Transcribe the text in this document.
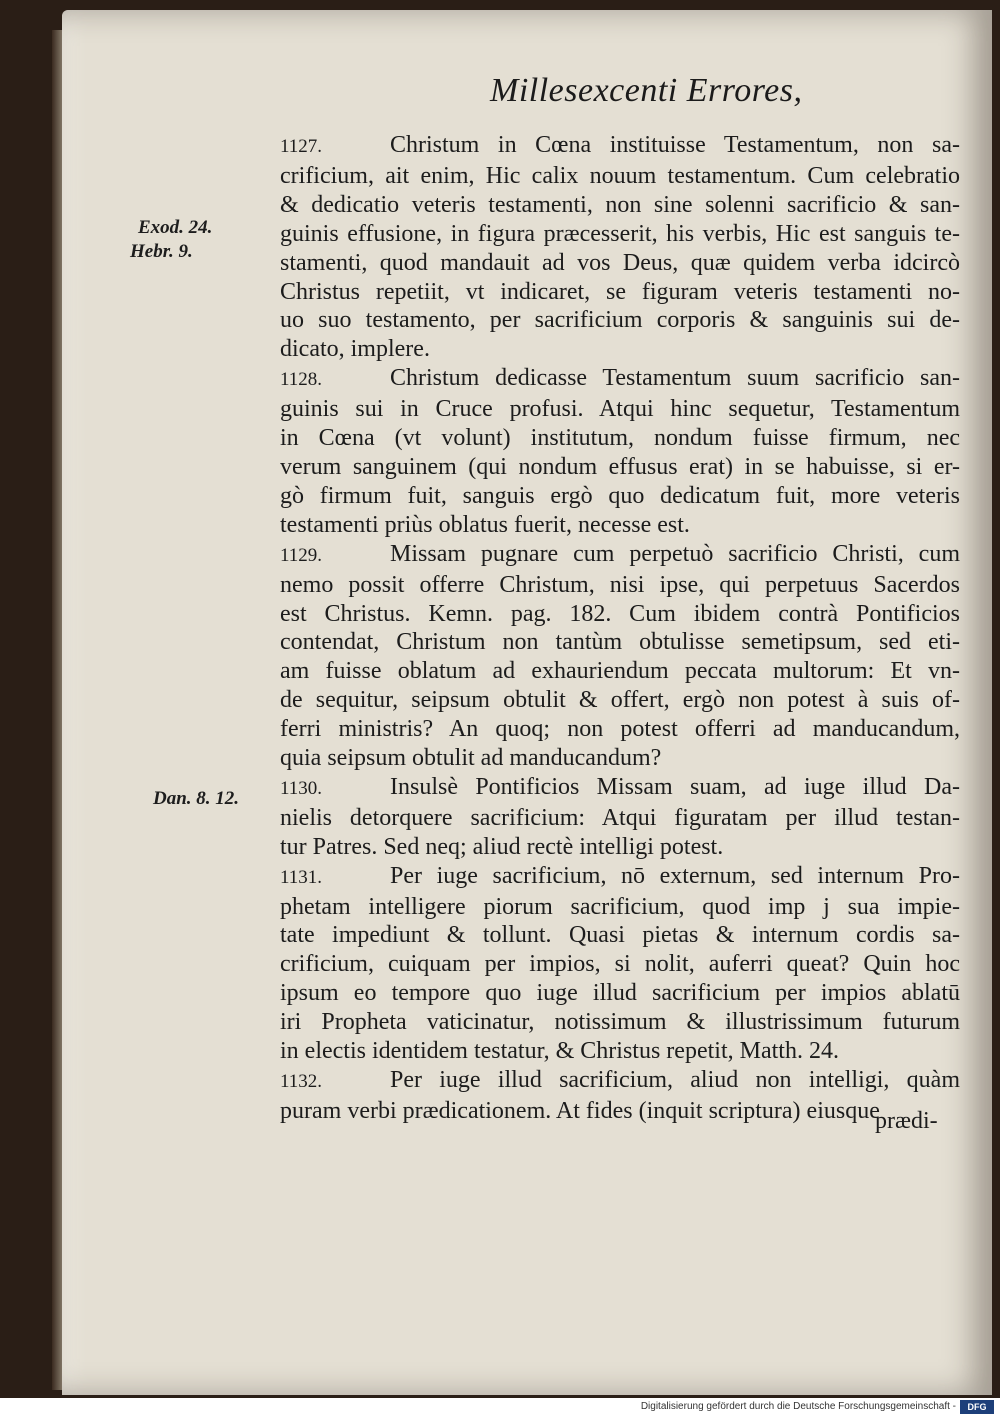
Millesexcenti Errores,
Exod. 24.
Hebr. 9.
Dan. 8. 12.
1127.	Christum in Cœna instituisse Testamentum, non sa-
crificium, ait enim, Hic calix nouum testamentum. Cum celebratio
& dedicatio veteris testamenti, non sine solenni sacrificio & san-
guinis effusione, in figura præcesserit, his verbis, Hic est sanguis te-
stamenti, quod mandauit ad vos Deus, quæ quidem verba idcircò
Christus repetiit, vt indicaret, se figuram veteris testamenti no-
uo suo testamento, per sacrificium corporis & sanguinis sui de-
dicato, implere.
1128.	Christum dedicasse Testamentum suum sacrificio san-
guinis sui in Cruce profusi. Atqui hinc sequetur, Testamentum
in Cœna (vt volunt) institutum, nondum fuisse firmum, nec
verum sanguinem (qui nondum effusus erat) in se habuisse, si er-
gò firmum fuit, sanguis ergò quo dedicatum fuit, more veteris
testamenti priùs oblatus fuerit, necesse est.
1129.	Missam pugnare cum perpetuò sacrificio Christi, cum
nemo possit offerre Christum, nisi ipse, qui perpetuus Sacerdos
est Christus. Kemn. pag. 182. Cum ibidem contrà Pontificios
contendat, Christum non tantùm obtulisse semetipsum, sed eti-
am fuisse oblatum ad exhauriendum peccata multorum: Et vn-
de sequitur, seipsum obtulit & offert, ergò non potest à suis of-
ferri ministris? An quoq; non potest offerri ad manducandum,
quia seipsum obtulit ad manducandum?
1130.	Insulsè Pontificios Missam suam, ad iuge illud Da-
nielis detorquere sacrificium: Atqui figuratam per illud testan-
tur Patres. Sed neq; aliud rectè intelligi potest.
1131.	Per iuge sacrificium, nō externum, sed internum Pro-
phetam intelligere piorum sacrificium, quod imp j sua impie-
tate impediunt & tollunt. Quasi pietas & internum cordis sa-
crificium, cuiquam per impios, si nolit, auferri queat? Quin hoc
ipsum eo tempore quo iuge illud sacrificium per impios ablatū
iri Propheta vaticinatur, notissimum & illustrissimum futurum
in electis identidem testatur, & Christus repetit, Matth. 24.
1132.	Per iuge illud sacrificium, aliud non intelligi, quàm
puram verbi prædicationem. At fides (inquit scriptura) eiusque
prædi-
Digitalisierung gefördert durch die Deutsche Forschungsgemeinschaft -	DFG
